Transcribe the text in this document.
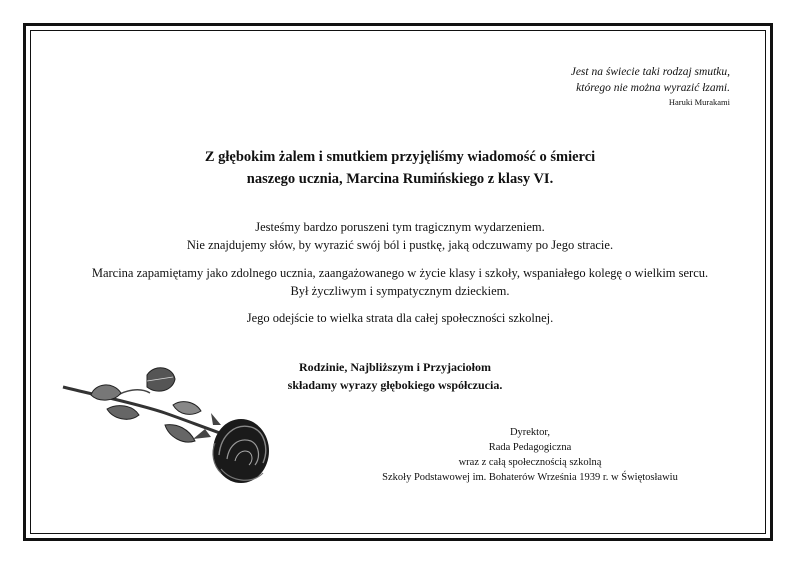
Jest na świecie taki rodzaj smutku,
którego nie można wyrazić łzami.
Haruki Murakami
Z głębokim żalem i smutkiem przyjęliśmy wiadomość o śmierci
naszego ucznia, Marcina Rumińskiego z klasy VI.
Jesteśmy bardzo poruszeni tym tragicznym wydarzeniem.
Nie znajdujemy słów, by wyrazić swój ból i pustkę, jaką odczuwamy po Jego stracie.
Marcina zapamiętamy jako zdolnego ucznia, zaangażowanego w życie klasy i szkoły, wspaniałego kolegę o wielkim sercu.
Był życzliwym i sympatycznym dzieckiem.
Jego odejście to wielka strata dla całej społeczności szkolnej.
Rodzinie, Najbliższym i Przyjaciołom
składamy wyrazy głębokiego współczucia.
Dyrektor,
Rada Pedagogiczna
wraz z całą społecznością szkolną
Szkoły Podstawowej im. Bohaterów Września 1939 r. w Świętosławiu
